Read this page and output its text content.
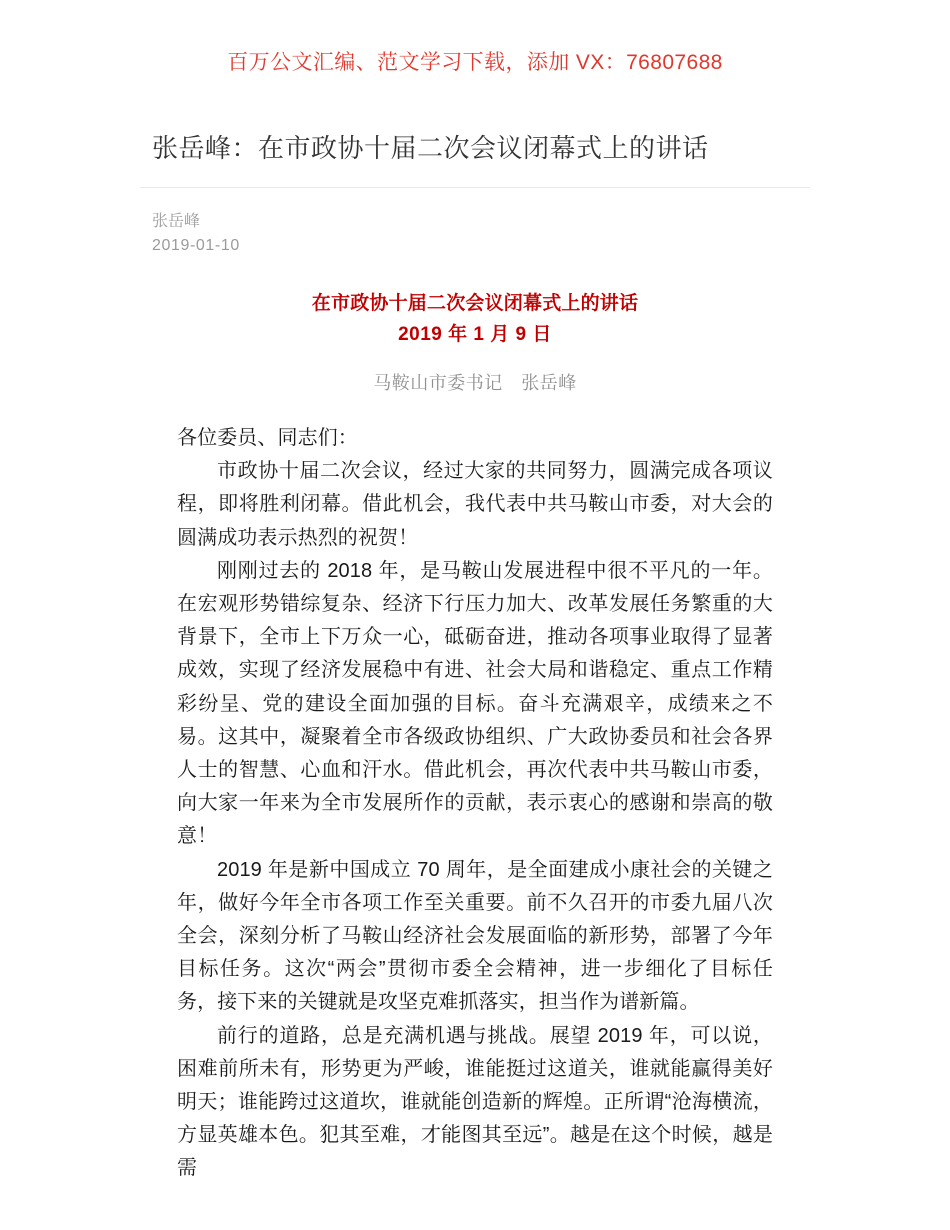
百万公文汇编、范文学习下载，添加 VX：76807688
张岳峰：在市政协十届二次会议闭幕式上的讲话
张岳峰
2019-01-10

在市政协十届二次会议闭幕式上的讲话

2019 年 1 月 9 日

马鞍山市委书记　张岳峰

各位委员、同志们：

市政协十届二次会议，经过大家的共同努力，圆满完成各项议程，即将胜利闭幕。借此机会，我代表中共马鞍山市委，对大会的圆满成功表示热烈的祝贺！

刚刚过去的 2018 年，是马鞍山发展进程中很不平凡的一年。在宏观形势错综复杂、经济下行压力加大、改革发展任务繁重的大背景下，全市上下万众一心，砥砺奋进，推动各项事业取得了显著成效，实现了经济发展稳中有进、社会大局和谐稳定、重点工作精彩纷呈、党的建设全面加强的目标。奋斗充满艰辛，成绩来之不易。这其中，凝聚着全市各级政协组织、广大政协委员和社会各界人士的智慧、心血和汗水。借此机会，再次代表中共马鞍山市委，向大家一年来为全市发展所作的贡献，表示衷心的感谢和崇高的敬意！

2019 年是新中国成立 70 周年，是全面建成小康社会的关键之年，做好今年全市各项工作至关重要。前不久召开的市委九届八次全会，深刻分析了马鞍山经济社会发展面临的新形势，部署了今年目标任务。这次“两会”贯彻市委全会精神，进一步细化了目标任务，接下来的关键就是攻坚克难抓落实，担当作为谱新篇。

前行的道路，总是充满机遇与挑战。展望 2019 年，可以说，困难前所未有，形势更为严峻，谁能挺过这道关，谁就能赢得美好明天；谁能跨过这道坎，谁就能创造新的辉煌。正所谓“沧海横流，方显英雄本色。犯其至难，才能图其至远”。越是在这个时候，越是需
